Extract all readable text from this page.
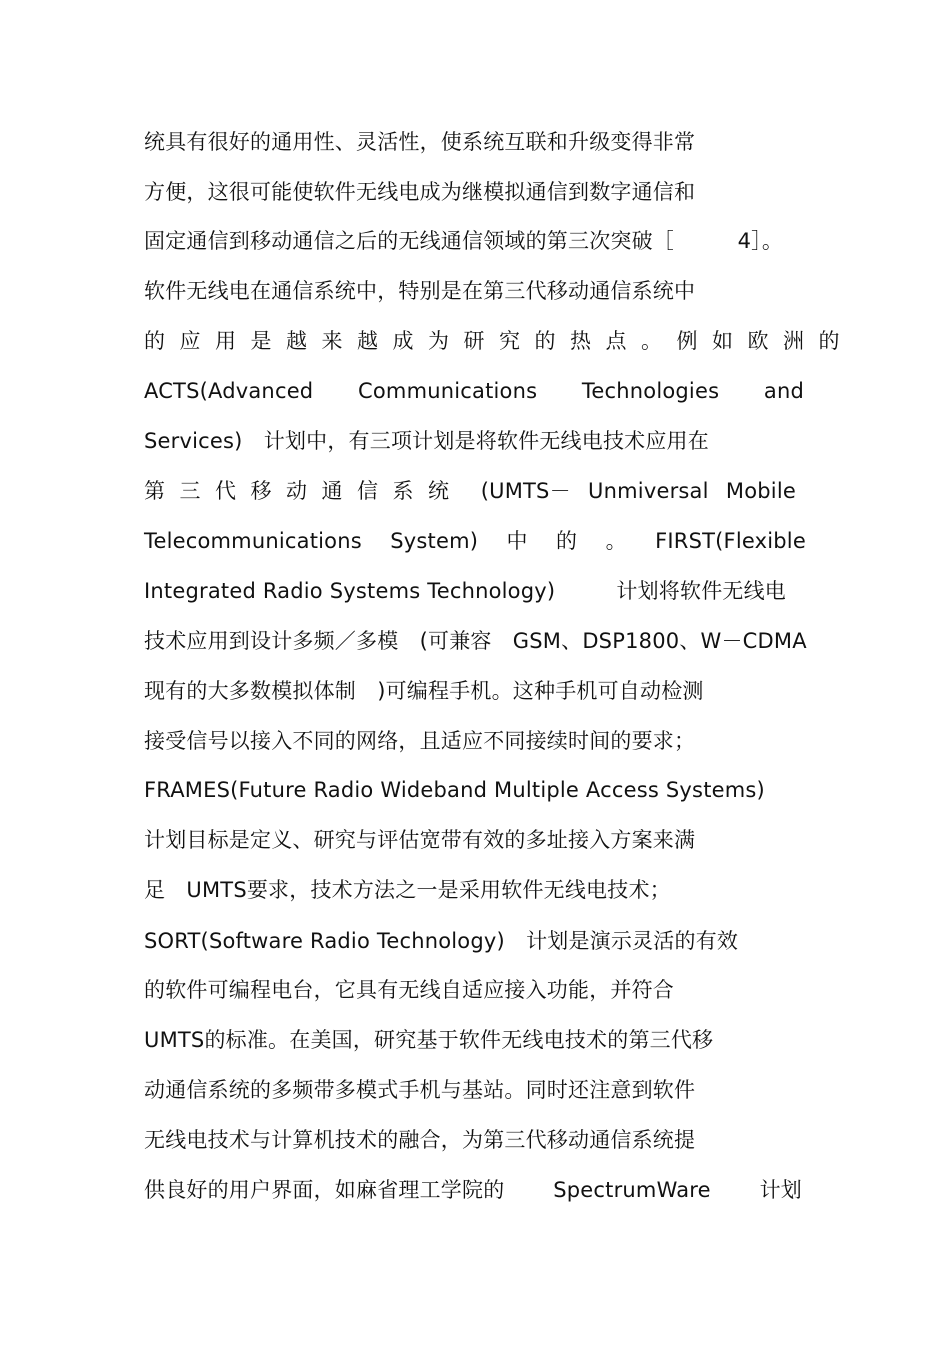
统具有很好的通用性、灵活性，使系统互联和升级变得非常
方便，这很可能使软件无线电成为继模拟通信到数字通信和
固定通信到移动通信之后的无线通信领域的第三次突破［　　　4］。
软件无线电在通信系统中，特别是在第三代移动通信系统中
的应用是越来越成为研究的热点。例如欧洲的
ACTS(Advanced Communications Technologies and
Services)　计划中，有三项计划是将软件无线电技术应用在
第三代移动通信系统 (UMTS－ Unmiversal Mobile
Telecommunications System) 中 的 。 FIRST(Flexible
Integrated Radio Systems Technology)	计划将软件无线电
技术应用到设计多频／多模　(可兼容　GSM、DSP1800、W－CDMA
现有的大多数模拟体制　)可编程手机。这种手机可自动检测
接受信号以接入不同的网络，且适应不同接续时间的要求；
FRAMES(Future Radio Wideband Multiple Access Systems)
计划目标是定义、研究与评估宽带有效的多址接入方案来满
足　UMTS要求，技术方法之一是采用软件无线电技术；
SORT(Software Radio Technology)　计划是演示灵活的有效
的软件可编程电台，它具有无线自适应接入功能，并符合
UMTS的标准。在美国，研究基于软件无线电技术的第三代移
动通信系统的多频带多模式手机与基站。同时还注意到软件
无线电技术与计算机技术的融合，为第三代移动通信系统提
供良好的用户界面，如麻省理工学院的 SpectrumWare 计划
